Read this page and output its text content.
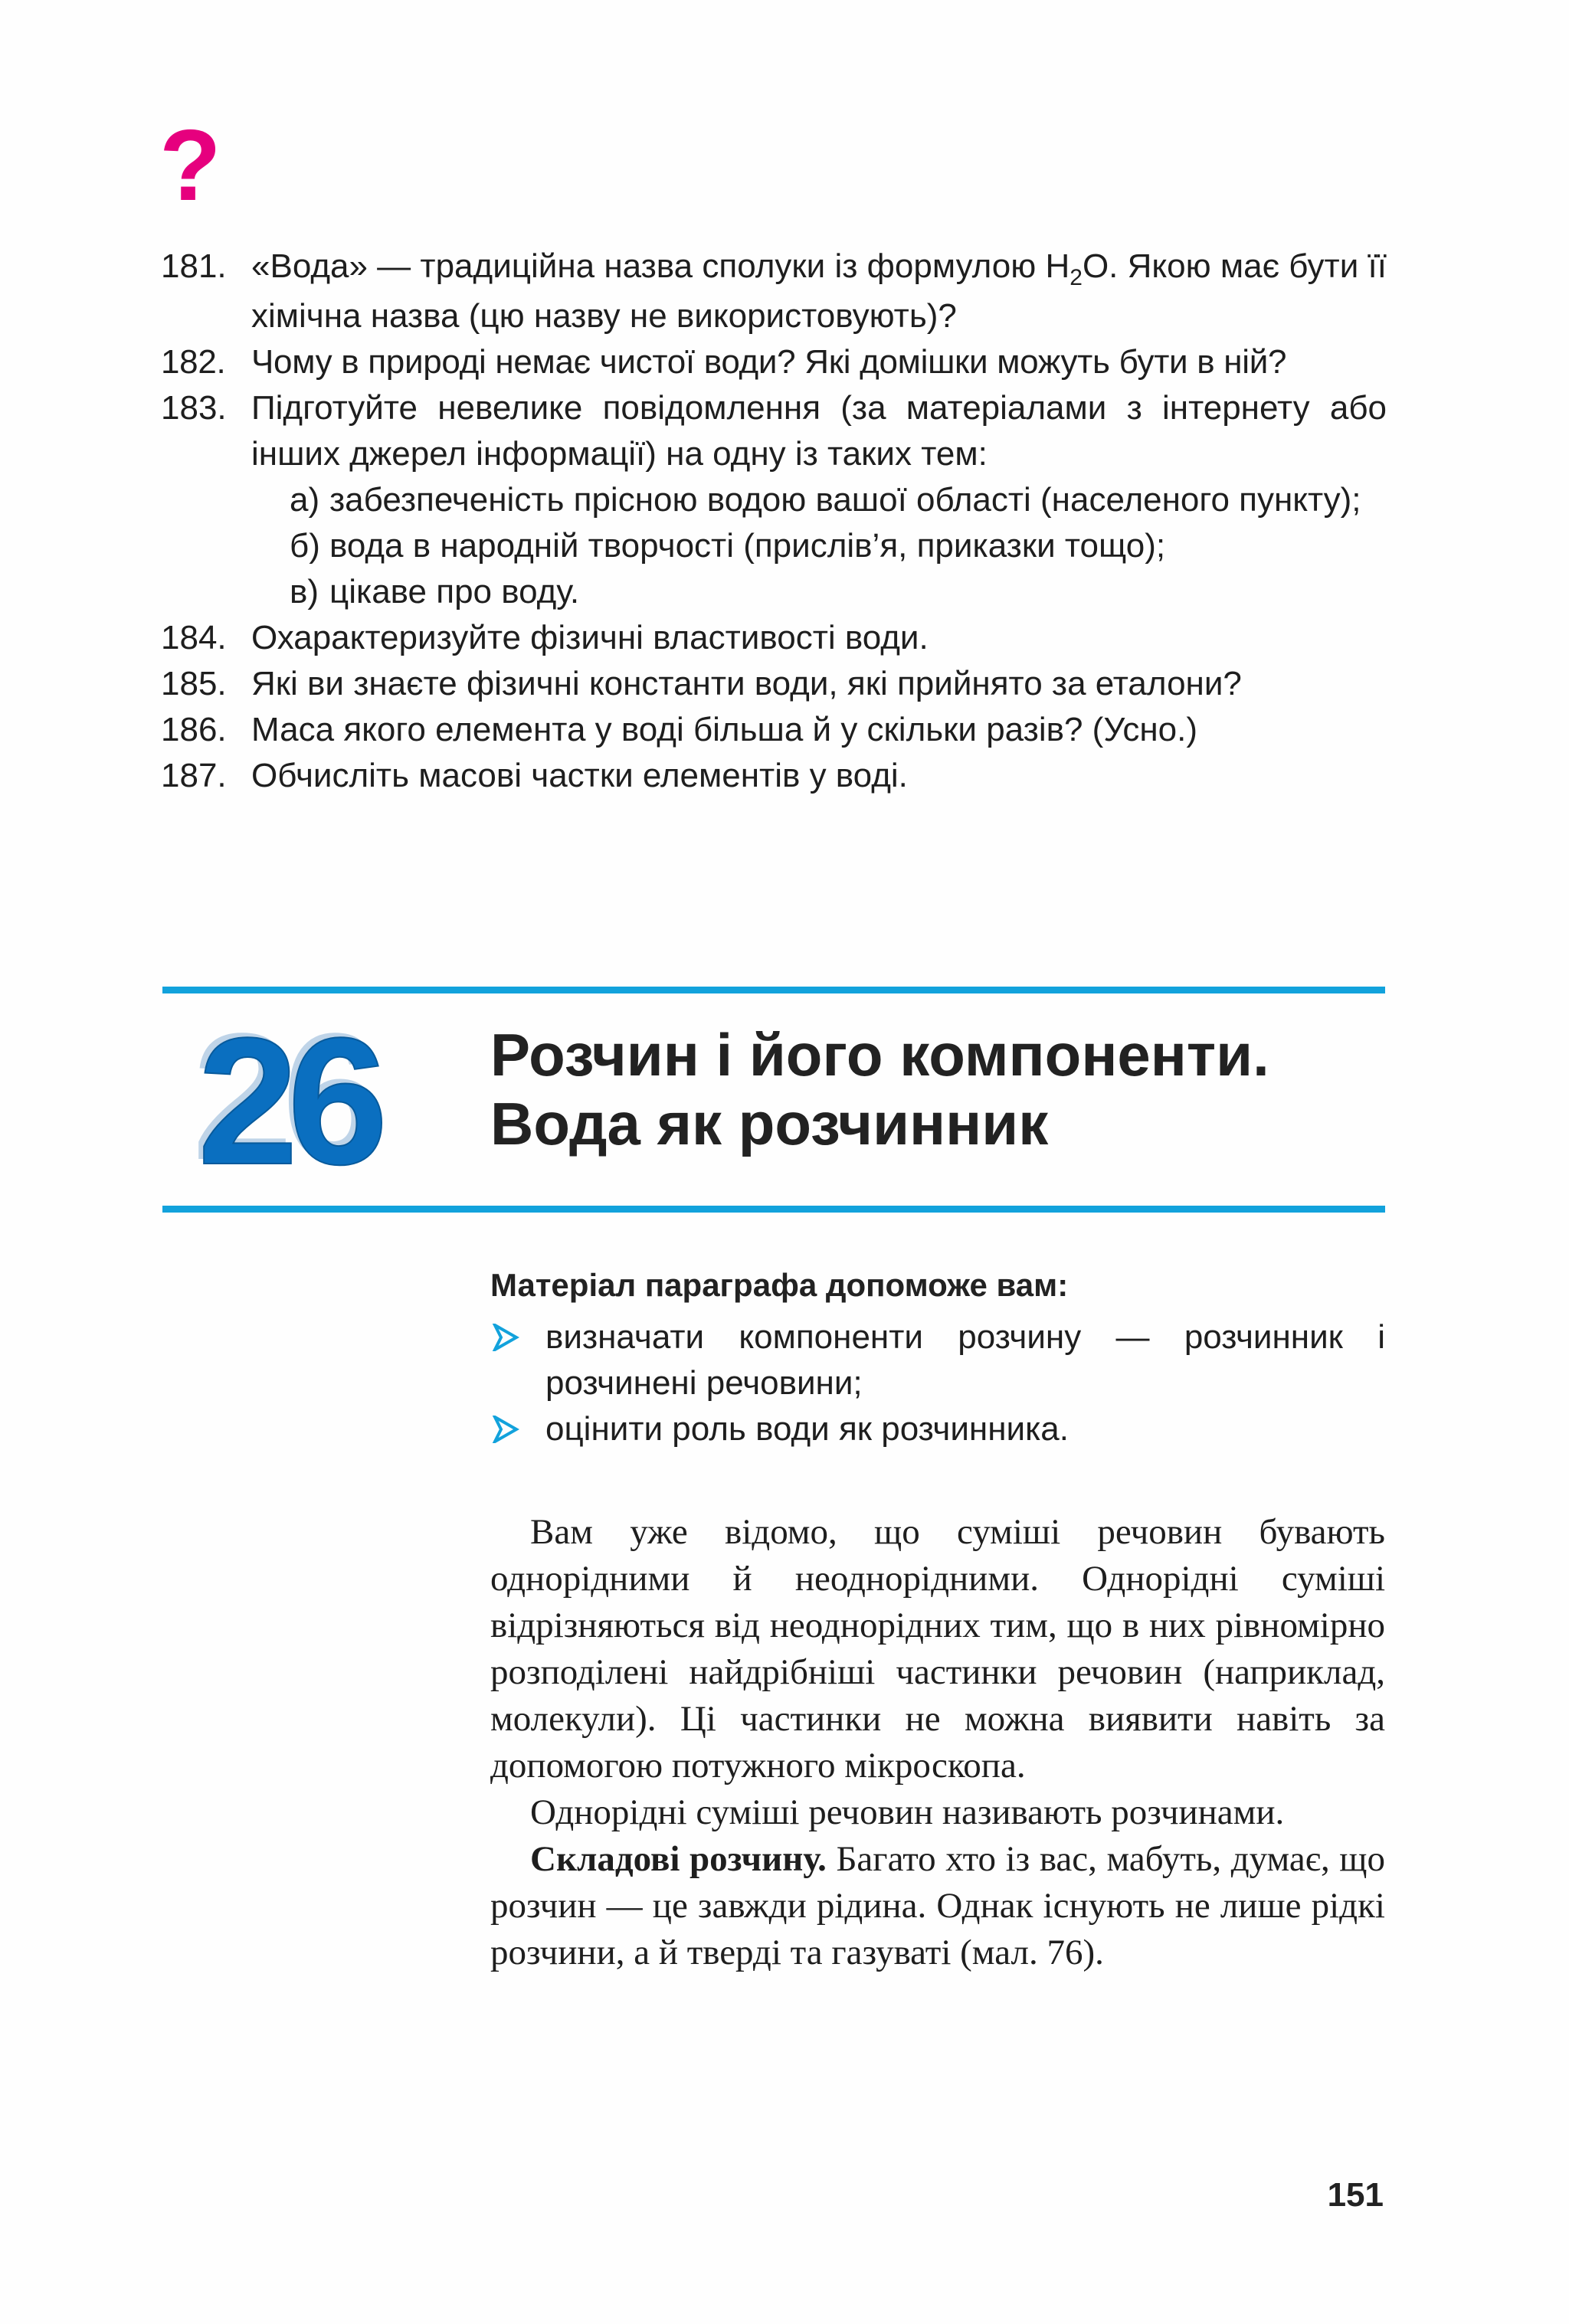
?
181. «Вода» — традиційна назва сполуки із формулою $H_2O$. Якою має бути її хімічна назва (цю назву не використовують)?
182. Чому в природі немає чистої води? Які домішки можуть бути в ній?
183. Підготуйте невелике повідомлення (за матеріалами з інтернету або інших джерел інформації) на одну із таких тем:
а) забезпеченість прісною водою вашої області (населеного пункту);
б) вода в народній творчості (прислів’я, приказки тощо);
в) цікаве про воду.
184. Охарактеризуйте фізичні властивості води.
185. Які ви знаєте фізичні константи води, які прийнято за еталони?
186. Маса якого елемента у воді більша й у скільки разів? (Усно.)
187. Обчисліть масові частки елементів у воді.
26 Розчин і його компоненти.
Вода як розчинник
Матеріал параграфа допоможе вам:
визначати компоненти розчину — розчинник і розчинені речовини;
оцінити роль води як розчинника.

Вам уже відомо, що суміші речовин бувають однорідними й неоднорідними. Однорідні суміші відрізняються від неоднорідних тим, що в них рівномірно розподілені найдрібніші частинки речовин (наприклад, молекули). Ці частинки не можна виявити навіть за допомогою потужного мікроскопа.

Однорідні суміші речовин називають розчинами.

Складові розчину. Багато хто із вас, мабуть, думає, що розчин — це завжди рідина. Однак існують не лише рідкі розчини, а й тверді та газуваті (мал. 76).

151
